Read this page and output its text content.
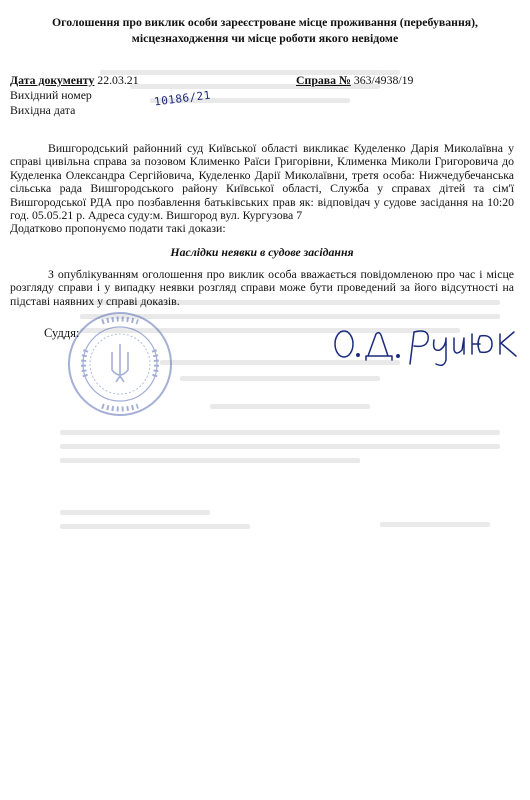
Оголошення про виклик особи зареєстроване місце проживання (перебування),
місцезнаходження чи місце роботи якого невідоме
Дата документу 22.03.21	Справа № 363/4938/19
Вихідний номер
Вихідна дата
10186/21

Вишгородський районний суд Київської області викликає Куделенко Дарія Миколаївна у справі цивільна справа за позовом Клименко Раїси Григорівни, Клименка Миколи Григоровича до Куделенка Олександра Сергійовича, Куделенко Дарії Миколаївни, третя особа: Нижчедубечанська сільська рада Вишгородського району Київської області, Служба у справах дітей та сім'ї Вишгородської РДА про позбавлення батьківських прав як: відповідач у судове засідання на 10:20 год. 05.05.21 р. Адреса суду:м. Вишгород вул. Кургузова 7

Додатково пропонуємо подати такі докази:
Наслідки неявки в судове засідання

З опублікуванням оголошення про виклик особа вважається повідомленою про час і місце розгляду справи і у випадку неявки розгляд справи може бути проведений за його відсутності на підставі наявних у справі доказів.

Суддя:
